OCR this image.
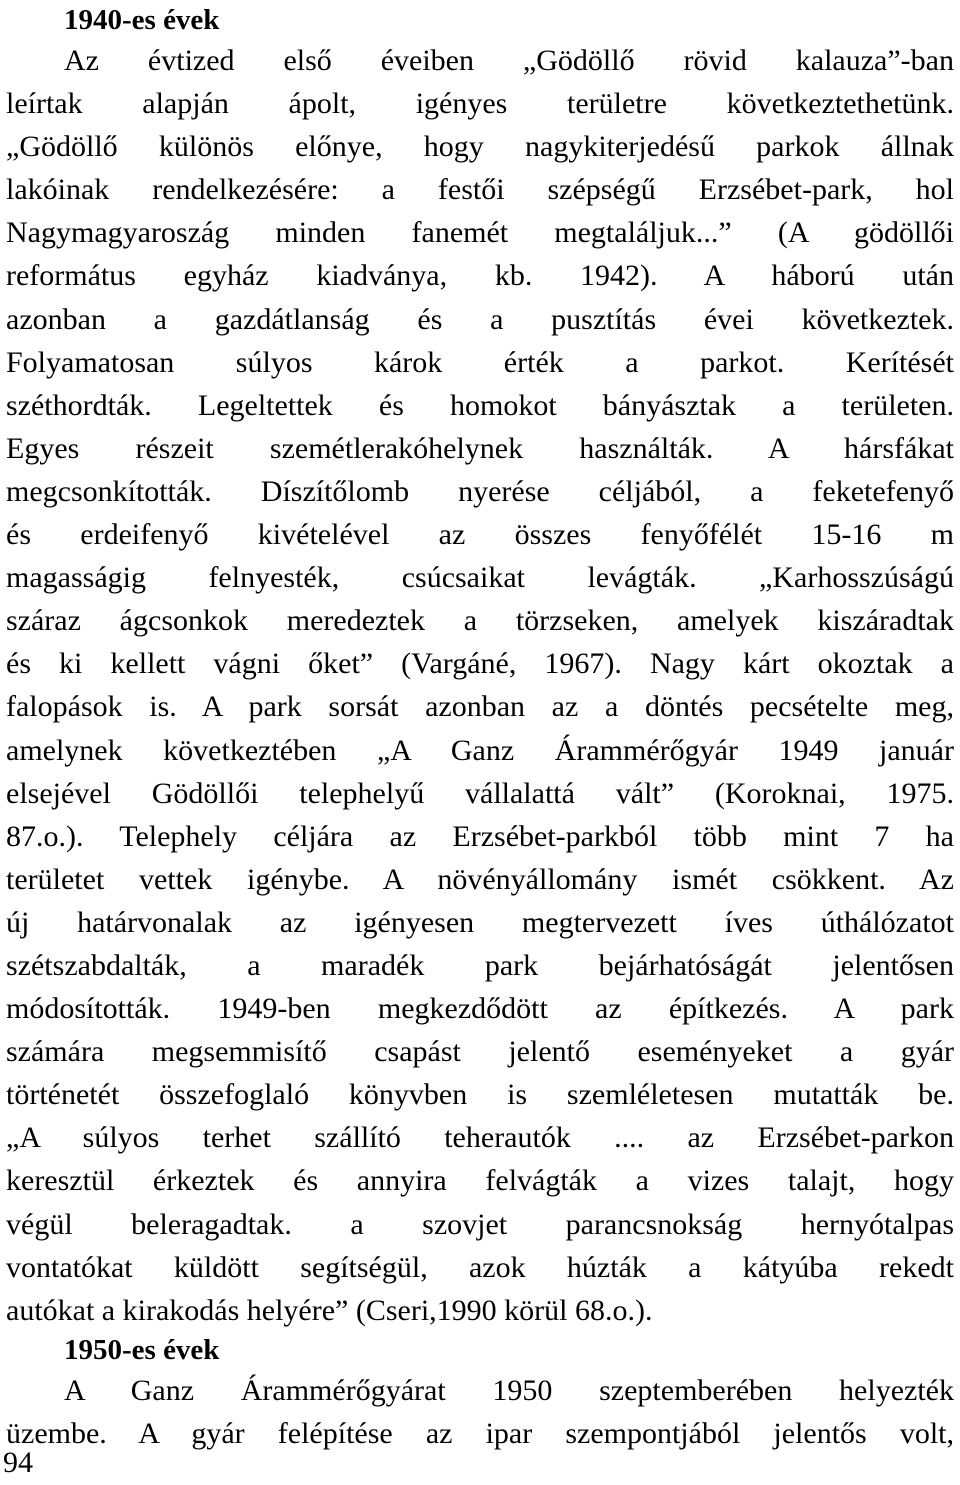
1940-es évek
Az évtized első éveiben „Gödöllő rövid kalauza”-ban
leírtak alapján ápolt, igényes területre következtethetünk.
„Gödöllő különös előnye, hogy nagykiterjedésű parkok állnak
lakóinak rendelkezésére: a festői szépségű Erzsébet-park, hol
Nagymagyaroszág minden fanemét megtaláljuk...” (A gödöllői
református egyház kiadványa, kb. 1942). A háború után
azonban a gazdátlanság és a pusztítás évei következtek.
Folyamatosan súlyos károk érték a parkot. Kerítését
széthordták. Legeltettek és homokot bányásztak a területen.
Egyes részeit szemétlerakóhelynek használták. A hársfákat
megcsonkították. Díszítőlomb nyerése céljából, a feketefenyő
és erdeifenyő kivételével az összes fenyőfélét 15-16 m
magasságig felnyesték, csúcsaikat levágták. „Karhosszúságú
száraz ágcsonkok meredeztek a törzseken, amelyek kiszáradtak
és ki kellett vágni őket” (Vargáné, 1967). Nagy kárt okoztak a
falopások is. A park sorsát azonban az a döntés pecsételte meg,
amelynek következtében „A Ganz Árammérőgyár 1949 január
elsejével Gödöllői telephelyű vállalattá vált” (Koroknai, 1975.
87.o.). Telephely céljára az Erzsébet-parkból több mint 7 ha
területet vettek igénybe. A növényállomány ismét csökkent. Az
új határvonalak az igényesen megtervezett íves úthálózatot
szétszabdalták, a maradék park bejárhatóságát jelentősen
módosították. 1949-ben megkezdődött az építkezés. A park
számára megsemmisítő csapást jelentő eseményeket a gyár
történetét összefoglaló könyvben is szemléletesen mutatták be.
„A súlyos terhet szállító teherautók .... az Erzsébet-parkon
keresztül érkeztek és annyira felvágták a vizes talajt, hogy
végül beleragadtak. a szovjet parancsnokság hernyótalpas
vontatókat küldött segítségül, azok húzták a kátyúba rekedt
autókat a kirakodás helyére” (Cseri,1990 körül 68.o.).
1950-es évek
A Ganz Árammérőgyárat 1950 szeptemberében helyezték
üzembe. A gyár felépítése az ipar szempontjából jelentős volt,
94
